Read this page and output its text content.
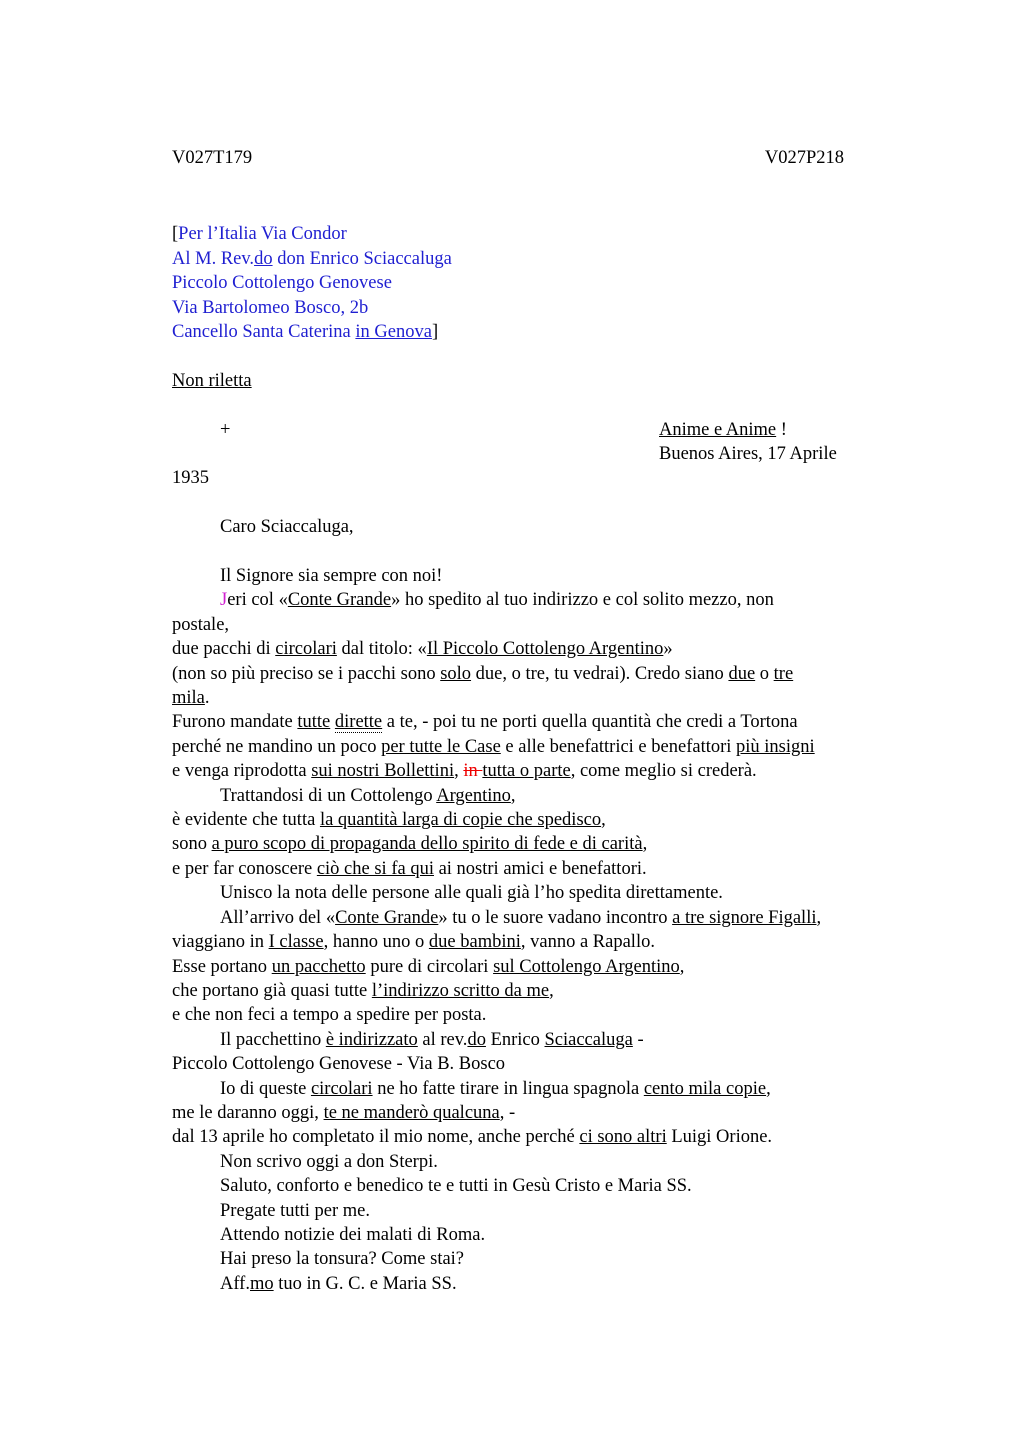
V027T179	V027P218

[Per l’Italia Via Condor

Al M. Rev.do don Enrico Sciaccaluga

Piccolo Cottolengo Genovese

Via Bartolomeo Bosco, 2b

Cancello Santa Caterina in Genova]

Non riletta

+	Anime e Anime !
Buenos Aires, 17 Aprile

1935

Caro Sciaccaluga,

Il Signore sia sempre con noi!

Jeri col «Conte Grande» ho spedito al tuo indirizzo e col solito mezzo, non

postale,

due pacchi di circolari dal titolo: «Il Piccolo Cottolengo Argentino»

(non so più preciso se i pacchi sono solo due, o tre, tu vedrai). Credo siano due o tre

mila.

Furono mandate tutte dirette a te, - poi tu ne porti quella quantità che credi a Tortona

perché ne mandino un poco per tutte le Case e alle benefattrici e benefattori più insigni

e venga riprodotta sui nostri Bollettini, in tutta o parte, come meglio si crederà.

Trattandosi di un Cottolengo Argentino,

è evidente che tutta la quantità larga di copie che spedisco,

sono a puro scopo di propaganda dello spirito di fede e di carità,

e per far conoscere ciò che si fa qui ai nostri amici e benefattori.

Unisco la nota delle persone alle quali già l’ho spedita direttamente.

All’arrivo del «Conte Grande» tu o le suore vadano incontro a tre signore Figalli,

viaggiano in I classe, hanno uno o due bambini, vanno a Rapallo.

Esse portano un pacchetto pure di circolari sul Cottolengo Argentino,

che portano già quasi tutte l’indirizzo scritto da me,

e che non feci a tempo a spedire per posta.

Il pacchettino è indirizzato al rev.do Enrico Sciaccaluga -

Piccolo Cottolengo Genovese - Via B. Bosco

Io di queste circolari ne ho fatte tirare in lingua spagnola cento mila copie,

me le daranno oggi, te ne manderò qualcuna, -

dal 13 aprile ho completato il mio nome, anche perché ci sono altri Luigi Orione.

Non scrivo oggi a don Sterpi.

Saluto, conforto e benedico te e tutti in Gesù Cristo e Maria SS.

Pregate tutti per me.

Attendo notizie dei malati di Roma.

Hai preso la tonsura? Come stai?

Aff.mo tuo in G. C. e Maria SS.
